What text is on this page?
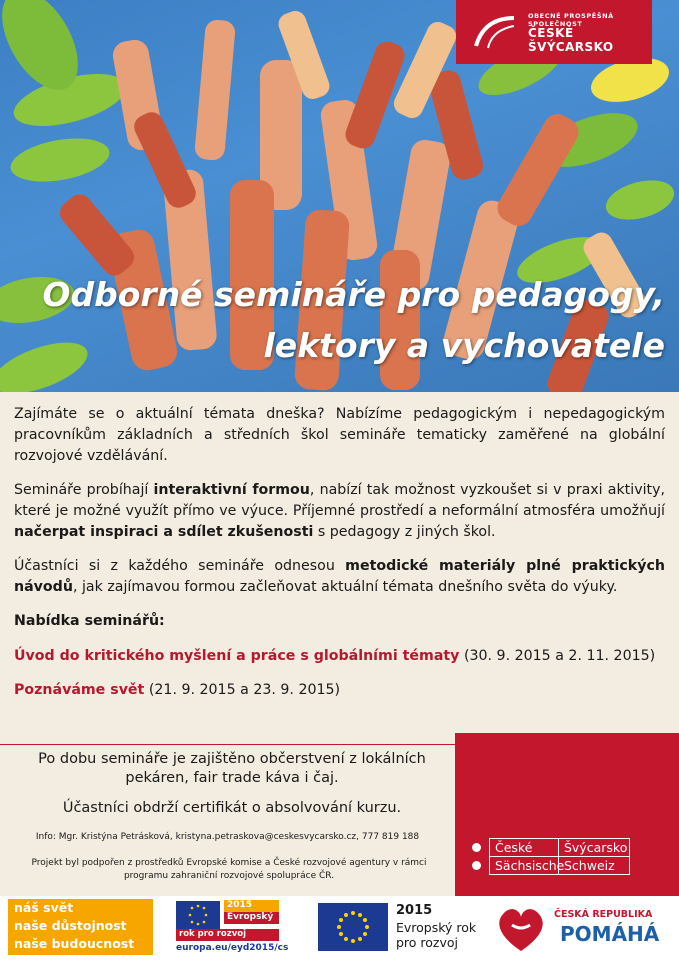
OBECNÉ PROSPĚŠNÁ SPOLEČNOST
ČESKÉ ŠVÝCARSKO
Odborné semináře pro pedagogy,
lektory a vychovatele

Zajímáte se o aktuální témata dneška? Nabízíme pedagogickým i nepedagogickým pracovníkům základních a středních škol semináře tematicky zaměřené na globální rozvojové vzdělávání.

Semináře probíhají interaktivní formou, nabízí tak možnost vyzkoušet si v praxi aktivity, které je možné využít přímo ve výuce. Příjemné prostředí a neformální atmosféra umožňují načerpat inspiraci a sdílet zkušenosti s pedagogy z jiných škol.

Účastníci si z každého semináře odnesou metodické materiály plné praktických návodů, jak zajímavou formou začleňovat aktuální témata dnešního světa do výuky.

Nabídka seminářů:

Úvod do kritického myšlení a práce s globálními tématy (30. 9. 2015 a 2. 11. 2015)

Poznáváme svět (21. 9. 2015 a 23. 9. 2015)

Po dobu semináře je zajištěno občerstvení z lokálních pekáren, fair trade káva i čaj.
Účastníci obdrží certifikát o absolvování kurzu.
Info: Mgr. Kristýna Petrásková, kristyna.petraskova@ceskesvycarsko.cz, 777 819 188
Projekt byl podpořen z prostředků Evropské komise a České rozvojové agentury v rámci programu zahraniční rozvojové spolupráce ČR.
České	Švýcarsko
Sächsische Schweiz
náš svět
naše důstojnost
naše budoucnost
2015
Evropský
rok pro rozvoj
europa.eu/eyd2015/cs
2015
Evropský rok
pro rozvoj
ČESKÁ REPUBLIKA
POMÁHÁ
